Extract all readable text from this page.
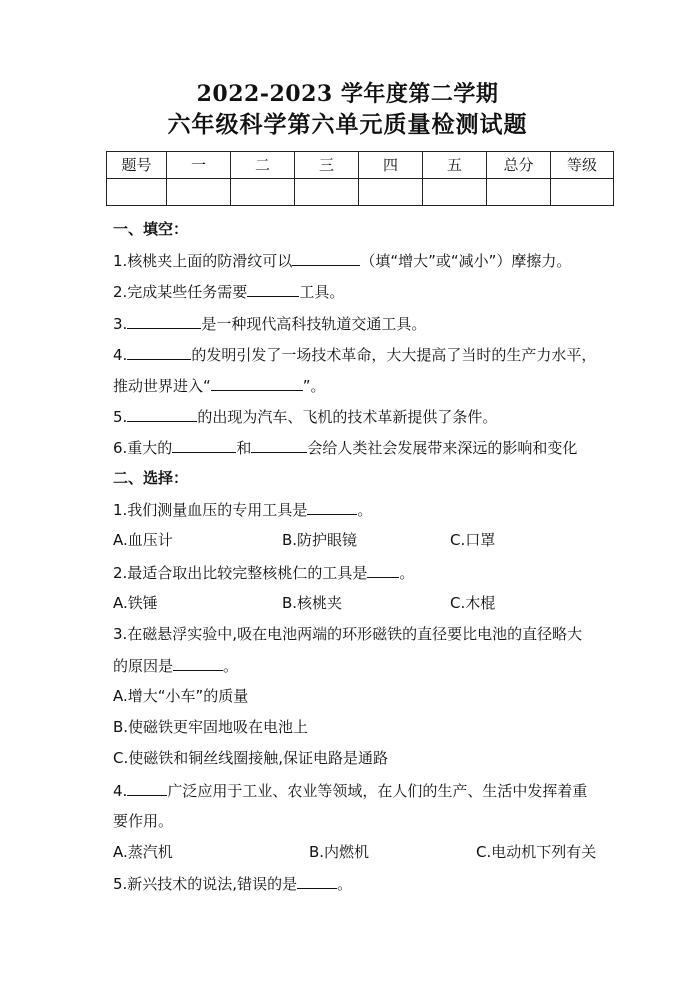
2022-2023 学年度第二学期
六年级科学第六单元质量检测试题
题号	一	二	三	四	五	总分	等级

一、填空：
1.核桃夹上面的防滑纹可以	（填“增大”或“减小”）摩擦力。
2.完成某些任务需要	工具。
3.	是一种现代高科技轨道交通工具。
4.	的发明引发了一场技术革命，大大提高了当时的生产力水平，
推动世界进入“	”。
5.	的出现为汽车、飞机的技术革新提供了条件。
6.重大的	和	会给人类社会发展带来深远的影响和变化
二、选择：
1.我们测量血压的专用工具是	。
A.血压计	B.防护眼镜	C.口罩
2.最适合取出比较完整核桃仁的工具是 。
A.铁锤	B.核桃夹	C.木棍
3.在磁悬浮实验中,吸在电池两端的环形磁铁的直径要比电池的直径略大
的原因是	。
A.增大“小车”的质量
B.使磁铁更牢固地吸在电池上
C.使磁铁和铜丝线圈接触,保证电路是通路
4.	广泛应用于工业、农业等领域，在人们的生产、生活中发挥着重
要作用。
A.蒸汽机	B.内燃机	C.电动机下列有关
5.新兴技术的说法,错误的是	。
